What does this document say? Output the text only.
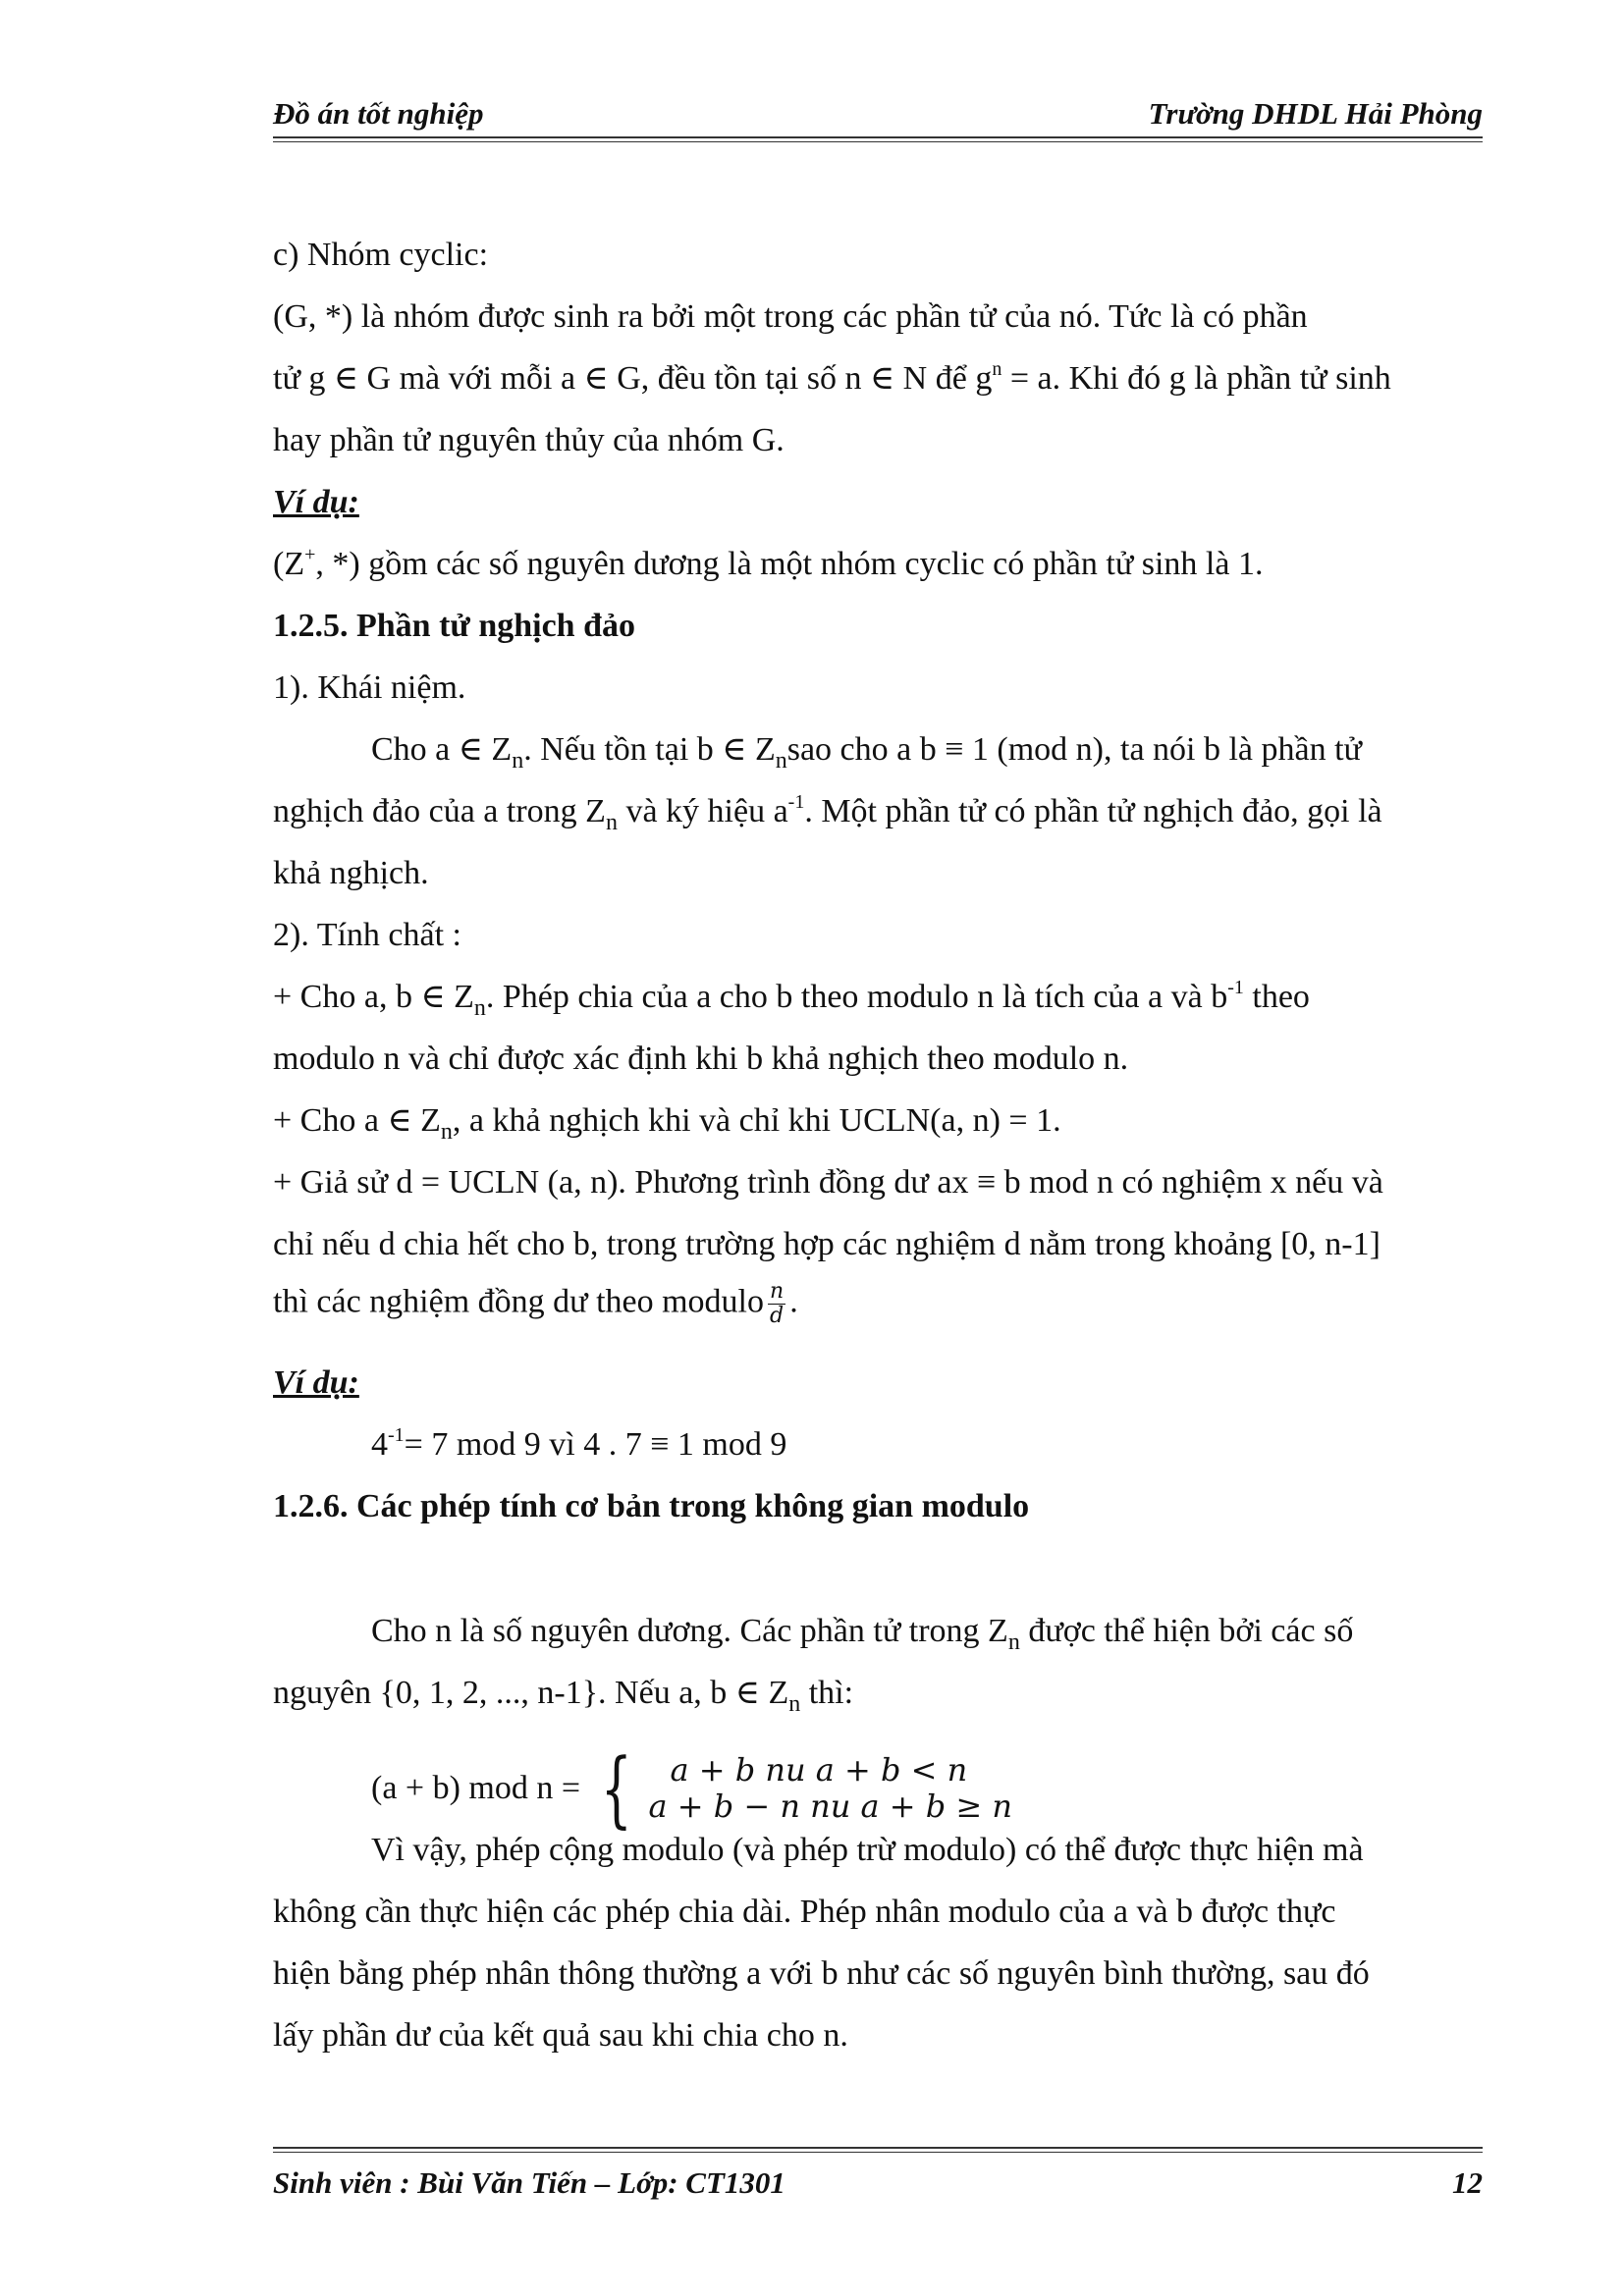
Đồ án tốt nghiệp	Trường DHDL Hải Phòng
c) Nhóm cyclic:
(G, *) là nhóm được sinh ra bởi một trong các phần tử của nó. Tức là có phần
tử g ∈ G mà với mỗi a ∈ G, đều tồn tại số n ∈ N để $g^n = a$. Khi đó g là phần tử sinh
hay phần tử nguyên thủy của nhóm G.
Ví dụ:
(Z+, *) gồm các số nguyên dương là một nhóm cyclic có phần tử sinh là 1.
1.2.5. Phần tử nghịch đảo
1). Khái niệm.
Cho a ∈ $Z_n$. Nếu tồn tại b ∈ $Z_nsao$ cho a b ≡ 1 (mod n), ta nói b là phần tử
nghịch đảo của a trong $Z_n$ và ký hiệu $a^{-1}$. Một phần tử có phần tử nghịch đảo, gọi là
khả nghịch.
2). Tính chất :
+ Cho a, b ∈ $Z_n$. Phép chia của a cho b theo modulo n là tích của a và $b^{-1}$ theo
modulo n và chỉ được xác định khi b khả nghịch theo modulo n.
+ Cho a ∈ $Z_n$, a khả nghịch khi và chỉ khi UCLN(a, n) = 1.
+ Giả sử d = UCLN (a, n). Phương trình đồng dư ax ≡ b mod n có nghiệm x nếu và
chỉ nếu d chia hết cho b, trong trường hợp các nghiệm d nằm trong khoảng [0, n-1]
thì các nghiệm đồng dư theo modulo $\frac{n}{d}$ .
Ví dụ:
$4^{-1}= 7$ mod 9 vì 4 . 7 ≡ 1 mod 9
1.2.6. Các phép tính cơ bản trong không gian modulo
Cho n là số nguyên dương. Các phần tử trong $Z_n$ được thể hiện bởi các số
nguyên {0, 1, 2, ..., n-1}. Nếu a, b ∈ $Z_n$ thì:
(a + b) mod n = {	a + b nu a + b < n
a + b − n nu a + b ≥ n
Vì vậy, phép cộng modulo (và phép trừ modulo) có thể được thực hiện mà
không cần thực hiện các phép chia dài. Phép nhân modulo của a và b được thực
hiện bằng phép nhân thông thường a với b như các số nguyên bình thường, sau đó
lấy phần dư của kết quả sau khi chia cho n.
Sinh viên : Bùi Văn Tiến – Lớp: CT1301	12
